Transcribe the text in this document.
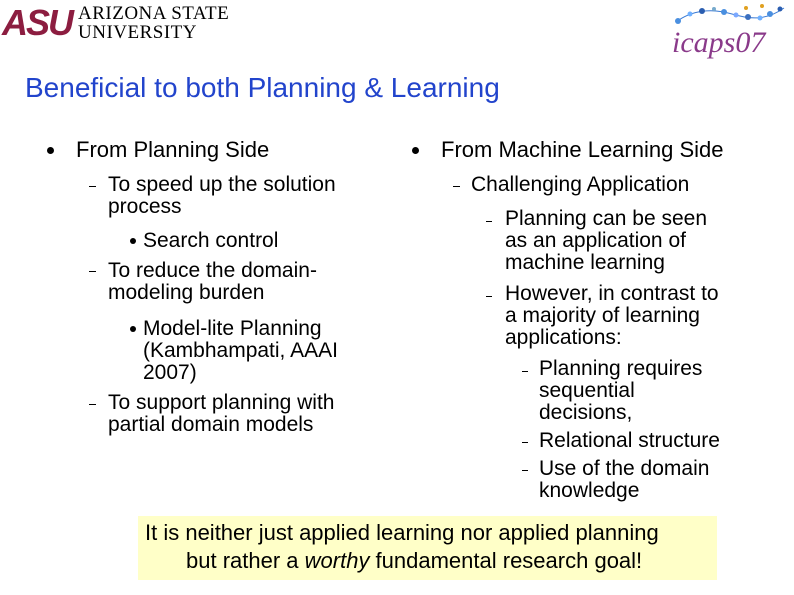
ASU ARIZONA STATE
UNIVERSITY	icaps07
Beneficial to both Planning & Learning
From Planning Side
To speed up the solution
process
Search control
To reduce the domain-
modeling burden
Model-lite Planning
(Kambhampati, AAAI
2007)
To support planning with
partial domain models
From Machine Learning Side
Challenging Application
Planning can be seen
as an application of
machine learning
However, in contrast to
a majority of learning
applications:
Planning requires
sequential
decisions,
Relational structure
Use of the domain
knowledge
It is neither just applied learning nor applied planning
but rather a worthy fundamental research goal!
